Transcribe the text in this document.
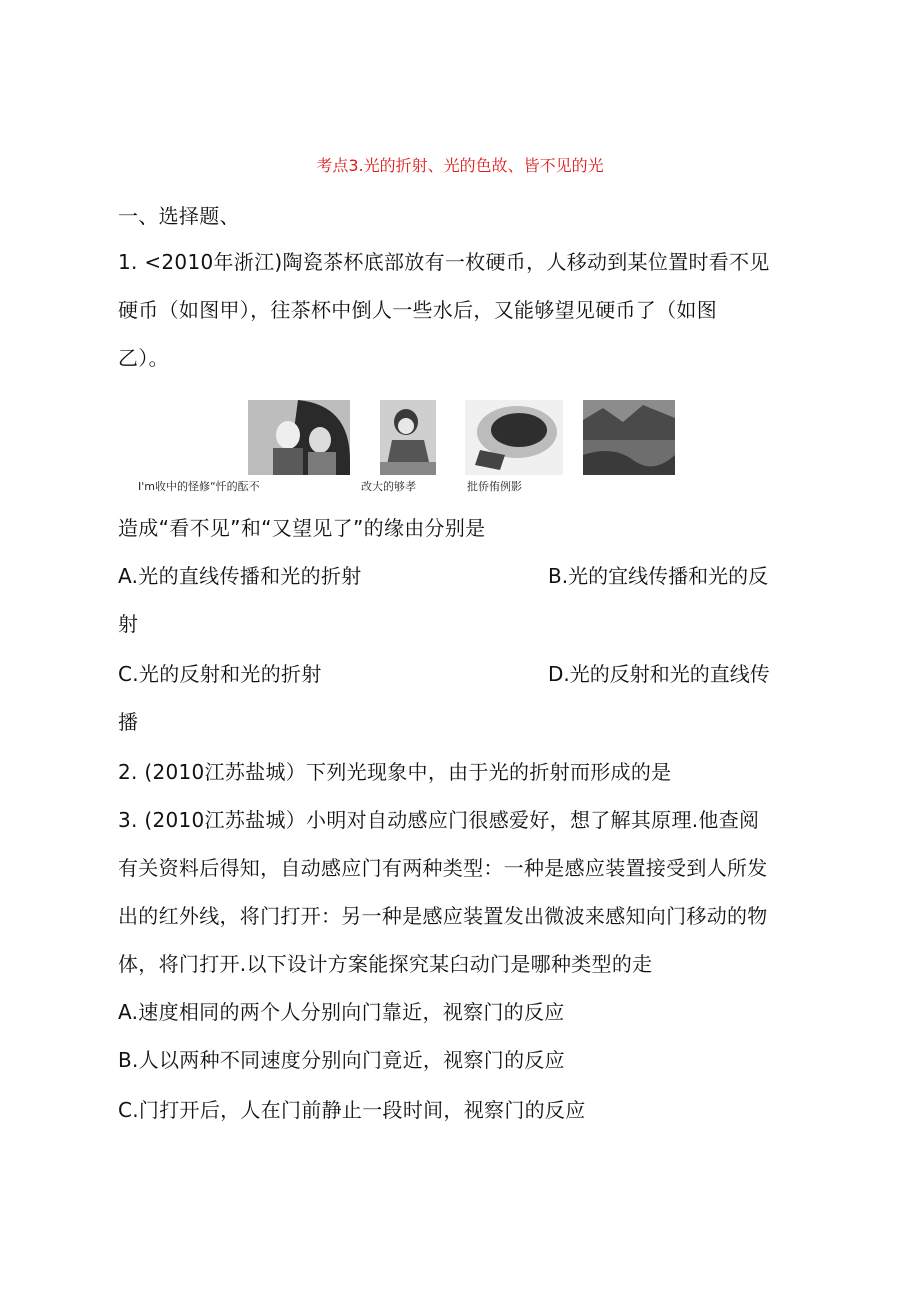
考点3.光的折射、光的色故、皆不见的光
一、选择题、
1. <2010年浙江)陶瓷茶杯底部放有一枚硬币，人移动到某位置时看不见
硬币（如图甲），往茶杯中倒人一些水后，又能够望见硬币了（如图
乙）。
I'm收中的怪修“忏的酝不	改大的够孝	批侨侑例影
造成“看不见”和“又望见了”的缘由分别是
A.光的直线传播和光的折射	B.光的宜线传播和光的反
射
C.光的反射和光的折射	D.光的反射和光的直线传
播
2. (2010江苏盐城）下列光现象中，由于光的折射而形成的是
3. (2010江苏盐城）小明对自动感应门很感爱好，想了解其原理.他查阅
有关资料后得知，自动感应门有两种类型：一种是感应装置接受到人所发
出的红外线，将门打开：另一种是感应装置发出微波来感知向门移动的物
体，将门打开.以下设计方案能探究某臼动门是哪种类型的走
A.速度相同的两个人分别向门靠近，视察门的反应
B.人以两种不同速度分别向门竟近，视察门的反应
C.门打开后，人在门前静止一段时间，视察门的反应
